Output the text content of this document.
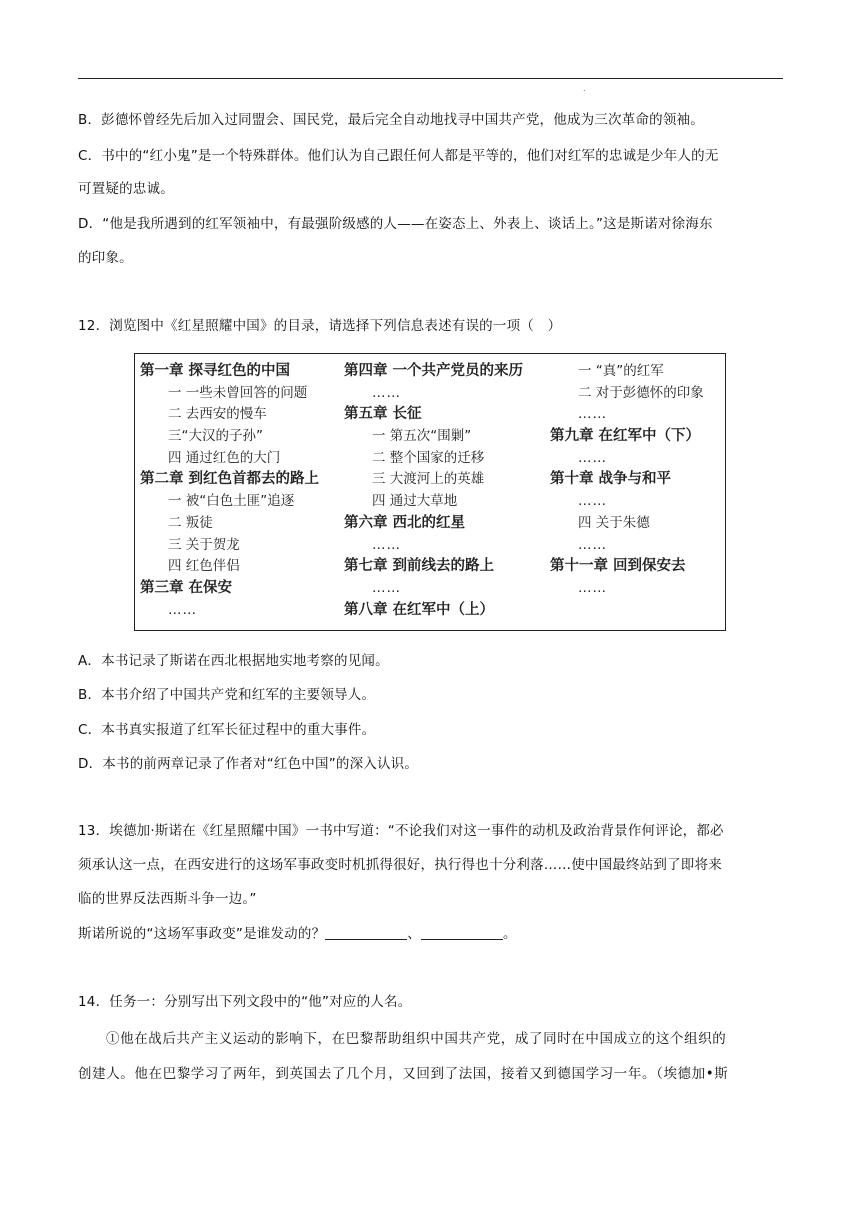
.
B．彭德怀曾经先后加入过同盟会、国民党，最后完全自动地找寻中国共产党，他成为三次革命的领袖。
C．书中的“红小鬼”是一个特殊群体。他们认为自己跟任何人都是平等的，他们对红军的忠诚是少年人的无
可置疑的忠诚。
D．“他是我所遇到的红军领袖中，有最强阶级感的人——在姿态上、外表上、谈话上。”这是斯诺对徐海东
的印象。
12．浏览图中《红星照耀中国》的目录，请选择下列信息表述有误的一项（　）
第一章 探寻红色的中国
一 一些未曾回答的问题
二 去西安的慢车
三“大汉的子孙”
四 通过红色的大门
第二章 到红色首都去的路上
一 被“白色土匪”追逐
二 叛徒
三 关于贺龙
四 红色伴侣
第三章 在保安
……
第四章 一个共产党员的来历
……
第五章 长征
一 第五次“围剿”
二 整个国家的迁移
三 大渡河上的英雄
四 通过大草地
第六章 西北的红星
……
第七章 到前线去的路上
……
第八章 在红军中（上）
一 “真”的红军
二 对于彭德怀的印象
……
第九章 在红军中（下）
……
第十章 战争与和平
……
四 关于朱德
……
第十一章 回到保安去
……
A．本书记录了斯诺在西北根据地实地考察的见闻。
B．本书介绍了中国共产党和红军的主要领导人。
C．本书真实报道了红军长征过程中的重大事件。
D．本书的前两章记录了作者对“红色中国”的深入认识。
13．埃德加·斯诺在《红星照耀中国》一书中写道：“不论我们对这一事件的动机及政治背景作何评论，都必
须承认这一点，在西安进行的这场军事政变时机抓得很好，执行得也十分利落……使中国最终站到了即将来
临的世界反法西斯斗争一边。”
斯诺所说的“这场军事政变”是谁发动的？	、	。
14．任务一：分别写出下列文段中的“他”对应的人名。
①他在战后共产主义运动的影响下，在巴黎帮助组织中国共产党，成了同时在中国成立的这个组织的
创建人。他在巴黎学习了两年，到英国去了几个月，又回到了法国，接着又到德国学习一年。（埃德加•斯
